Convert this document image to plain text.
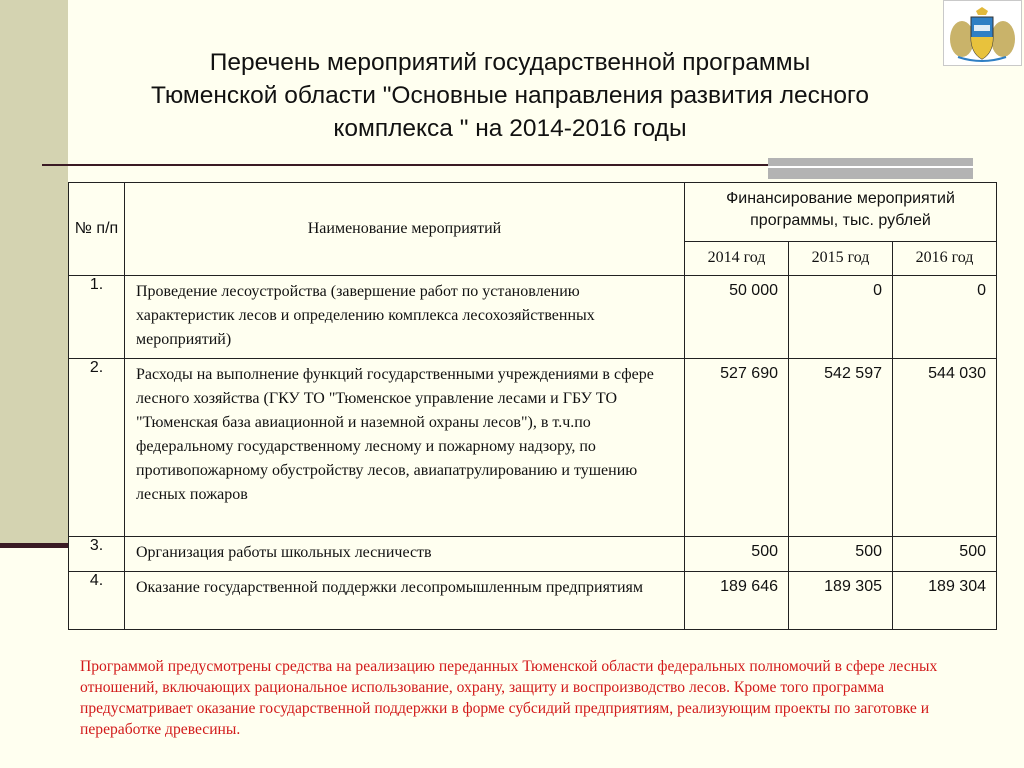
Перечень мероприятий государственной программы
Тюменской области "Основные направления развития лесного
комплекса " на 2014-2016 годы
№ п/п	Наименование мероприятий	Финансирование мероприятий программы, тыс. рублей		
		2014 год	2015 год	2016 год
1.	Проведение лесоустройства (завершение работ по установлению характеристик лесов и определению комплекса лесохозяйственных мероприятий)	50 000	0	0
2.	Расходы на выполнение функций государственными учреждениями в сфере лесного хозяйства (ГКУ ТО "Тюменское управление лесами и ГБУ ТО "Тюменская база авиационной и наземной охраны лесов"), в т.ч.по федеральному государственному лесному и пожарному надзору, по противопожарному обустройству лесов, авиапатрулированию и тушению лесных пожаров	527 690	542 597	544 030
3.	Организация работы школьных лесничеств	500	500	500
4.	Оказание государственной поддержки лесопромышленным предприятиям	189 646	189 305	189 304

Программой предусмотрены средства на реализацию переданных Тюменской области федеральных полномочий в сфере лесных отношений, включающих рациональное использование, охрану, защиту и воспроизводство лесов. Кроме того программа предусматривает оказание государственной поддержки в форме субсидий предприятиям, реализующим проекты по заготовке и переработке древесины.
